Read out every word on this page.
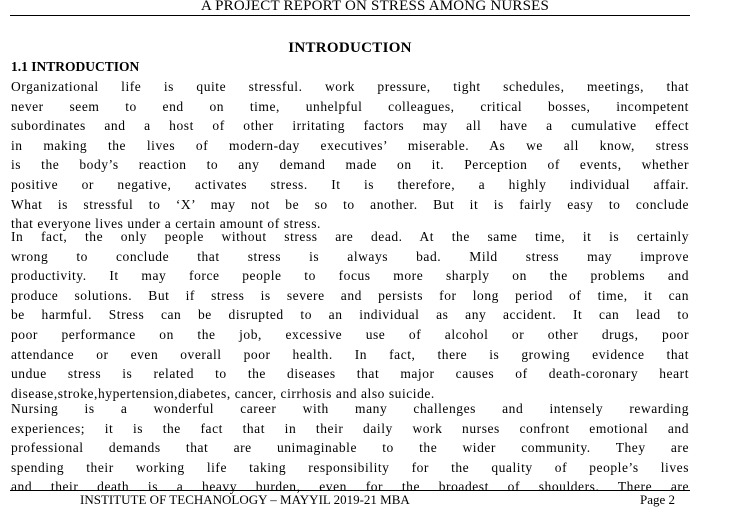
A PROJECT REPORT ON STRESS AMONG NURSES
INTRODUCTION
1.1 INTRODUCTION
Organizational life is quite stressful. work pressure, tight schedules, meetings, that
never seem to end on time, unhelpful colleagues, critical bosses, incompetent
subordinates and a host of other irritating factors may all have a cumulative effect
in making the lives of modern-day executives’ miserable. As we all know, stress
is the body’s reaction to any demand made on it. Perception of events, whether
positive or negative, activates stress. It is therefore, a highly individual affair.
What is stressful to ‘X’ may not be so to another. But it is fairly easy to conclude
that everyone lives under a certain amount of stress.
In fact, the only people without stress are dead. At the same time, it is certainly
wrong to conclude that stress is always bad. Mild stress may improve
productivity. It may force people to focus more sharply on the problems and
produce solutions. But if stress is severe and persists for long period of time, it can
be harmful. Stress can be disrupted to an individual as any accident. It can lead to
poor performance on the job, excessive use of alcohol or other drugs, poor
attendance or even overall poor health. In fact, there is growing evidence that
undue stress is related to the diseases that major causes of death-coronary heart
disease,stroke,hypertension,diabetes, cancer, cirrhosis and also suicide.
Nursing is a wonderful career with many challenges and intensely rewarding
experiences; it is the fact that in their daily work nurses confront emotional and
professional demands that are unimaginable to the wider community. They are
spending their working life taking responsibility for the quality of people’s lives
and their death is a heavy burden, even for the broadest of shoulders. There are
INSTITUTE OF TECHANOLOGY – MAYYIL 2019-21 MBA	Page 2
